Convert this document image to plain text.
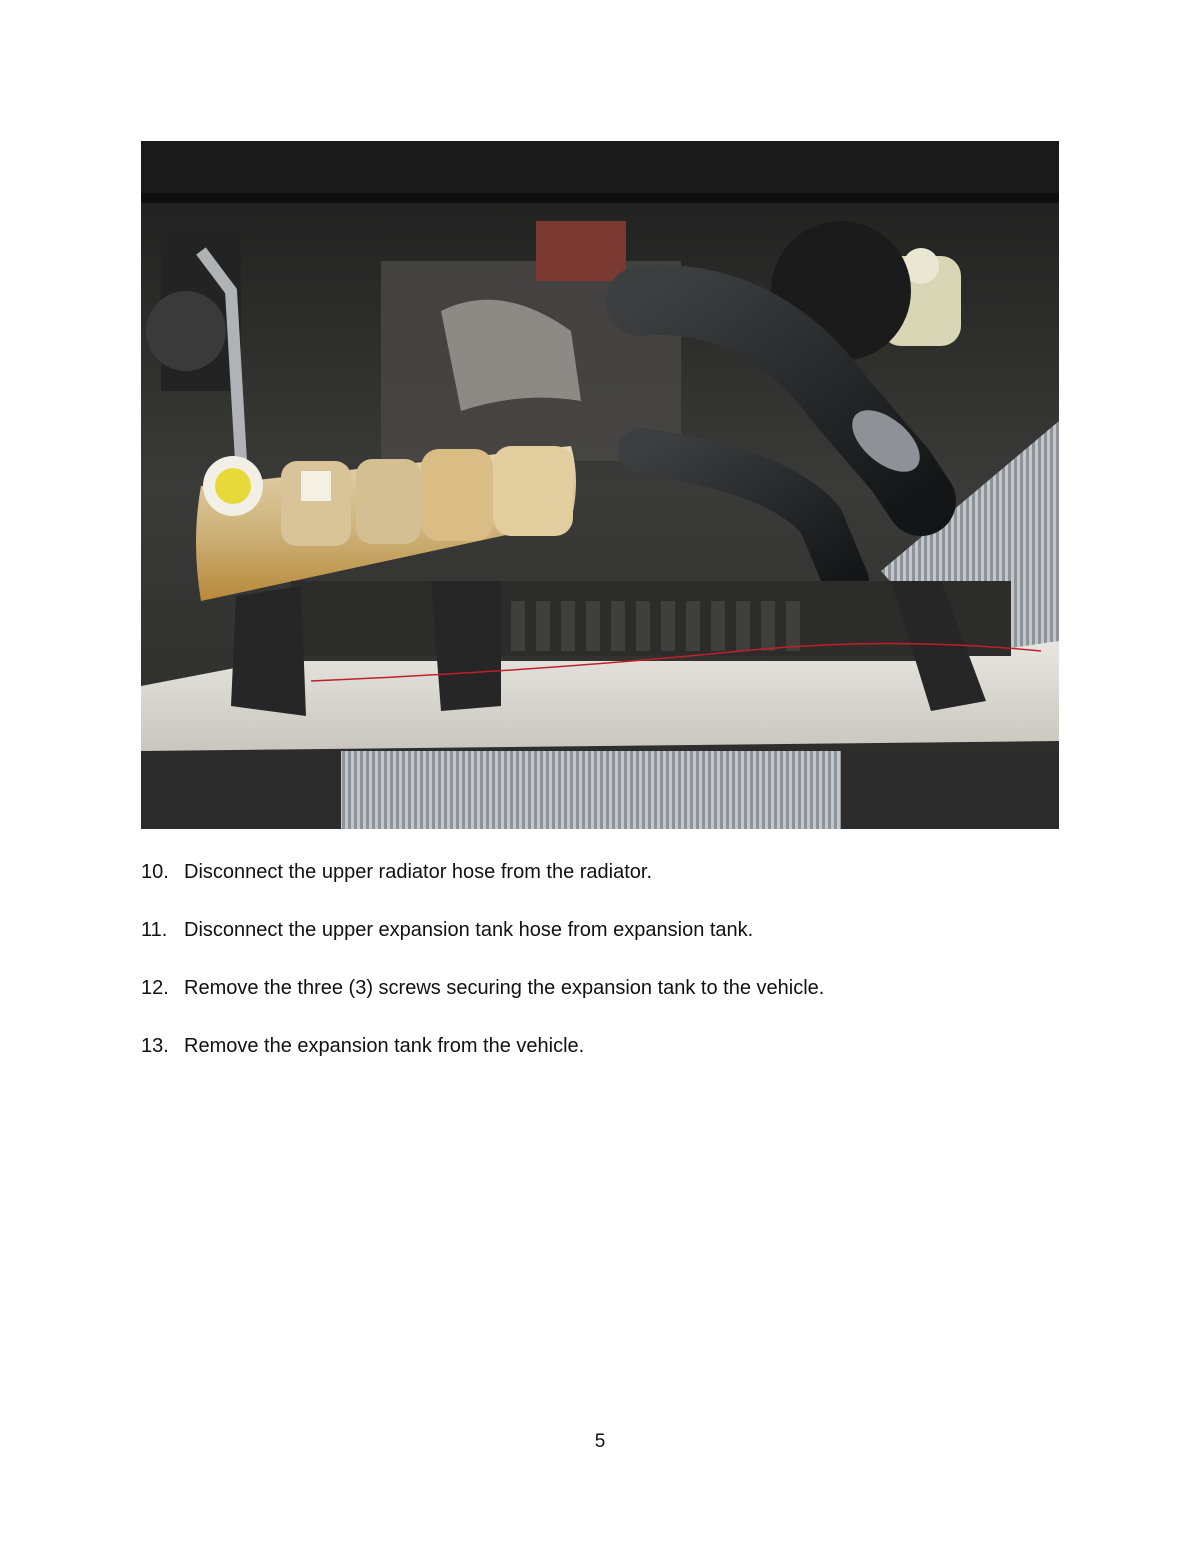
10. Disconnect the upper radiator hose from the radiator.
11. Disconnect the upper expansion tank hose from expansion tank.
12. Remove the three (3) screws securing the expansion tank to the vehicle.
13. Remove the expansion tank from the vehicle.
5
